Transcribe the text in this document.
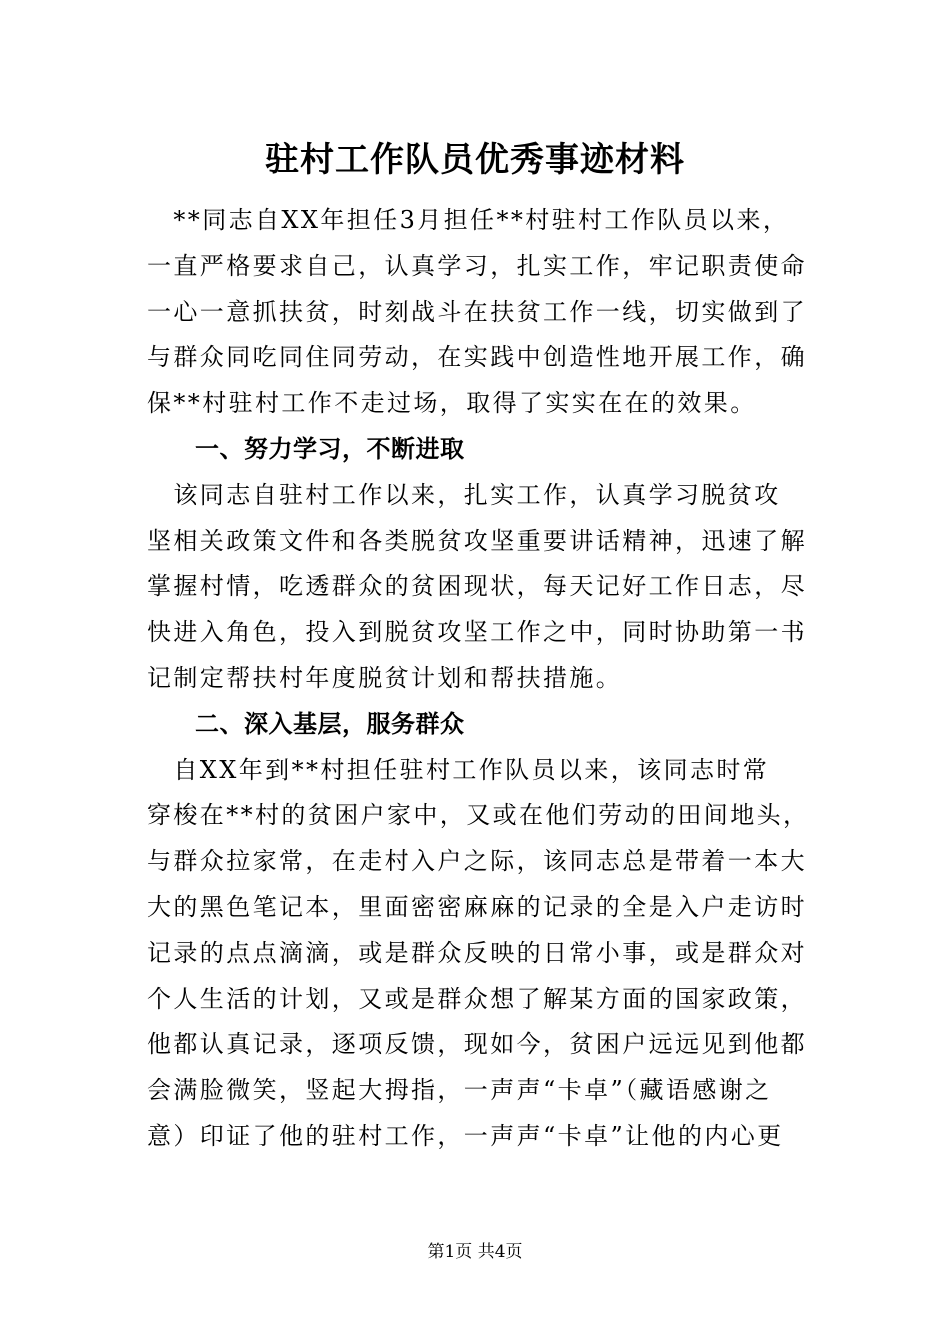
驻村工作队员优秀事迹材料
　**同志自XX年担任3月担任**村驻村工作队员以来，
一直严格要求自己，认真学习，扎实工作，牢记职责使命
一心一意抓扶贫，时刻战斗在扶贫工作一线，切实做到了
与群众同吃同住同劳动，在实践中创造性地开展工作，确
保**村驻村工作不走过场，取得了实实在在的效果。
一、努力学习，不断进取
　该同志自驻村工作以来，扎实工作，认真学习脱贫攻
坚相关政策文件和各类脱贫攻坚重要讲话精神，迅速了解
掌握村情，吃透群众的贫困现状，每天记好工作日志，尽
快进入角色，投入到脱贫攻坚工作之中，同时协助第一书
记制定帮扶村年度脱贫计划和帮扶措施。
二、深入基层，服务群众
　自XX年到**村担任驻村工作队员以来，该同志时常
穿梭在**村的贫困户家中，又或在他们劳动的田间地头，
与群众拉家常，在走村入户之际，该同志总是带着一本大
大的黑色笔记本，里面密密麻麻的记录的全是入户走访时
记录的点点滴滴，或是群众反映的日常小事，或是群众对
个人生活的计划，又或是群众想了解某方面的国家政策，
他都认真记录，逐项反馈，现如今，贫困户远远见到他都
会满脸微笑，竖起大拇指，一声声“卡卓”（藏语感谢之
意）印证了他的驻村工作，一声声“卡卓”让他的内心更
第1页 共4页
